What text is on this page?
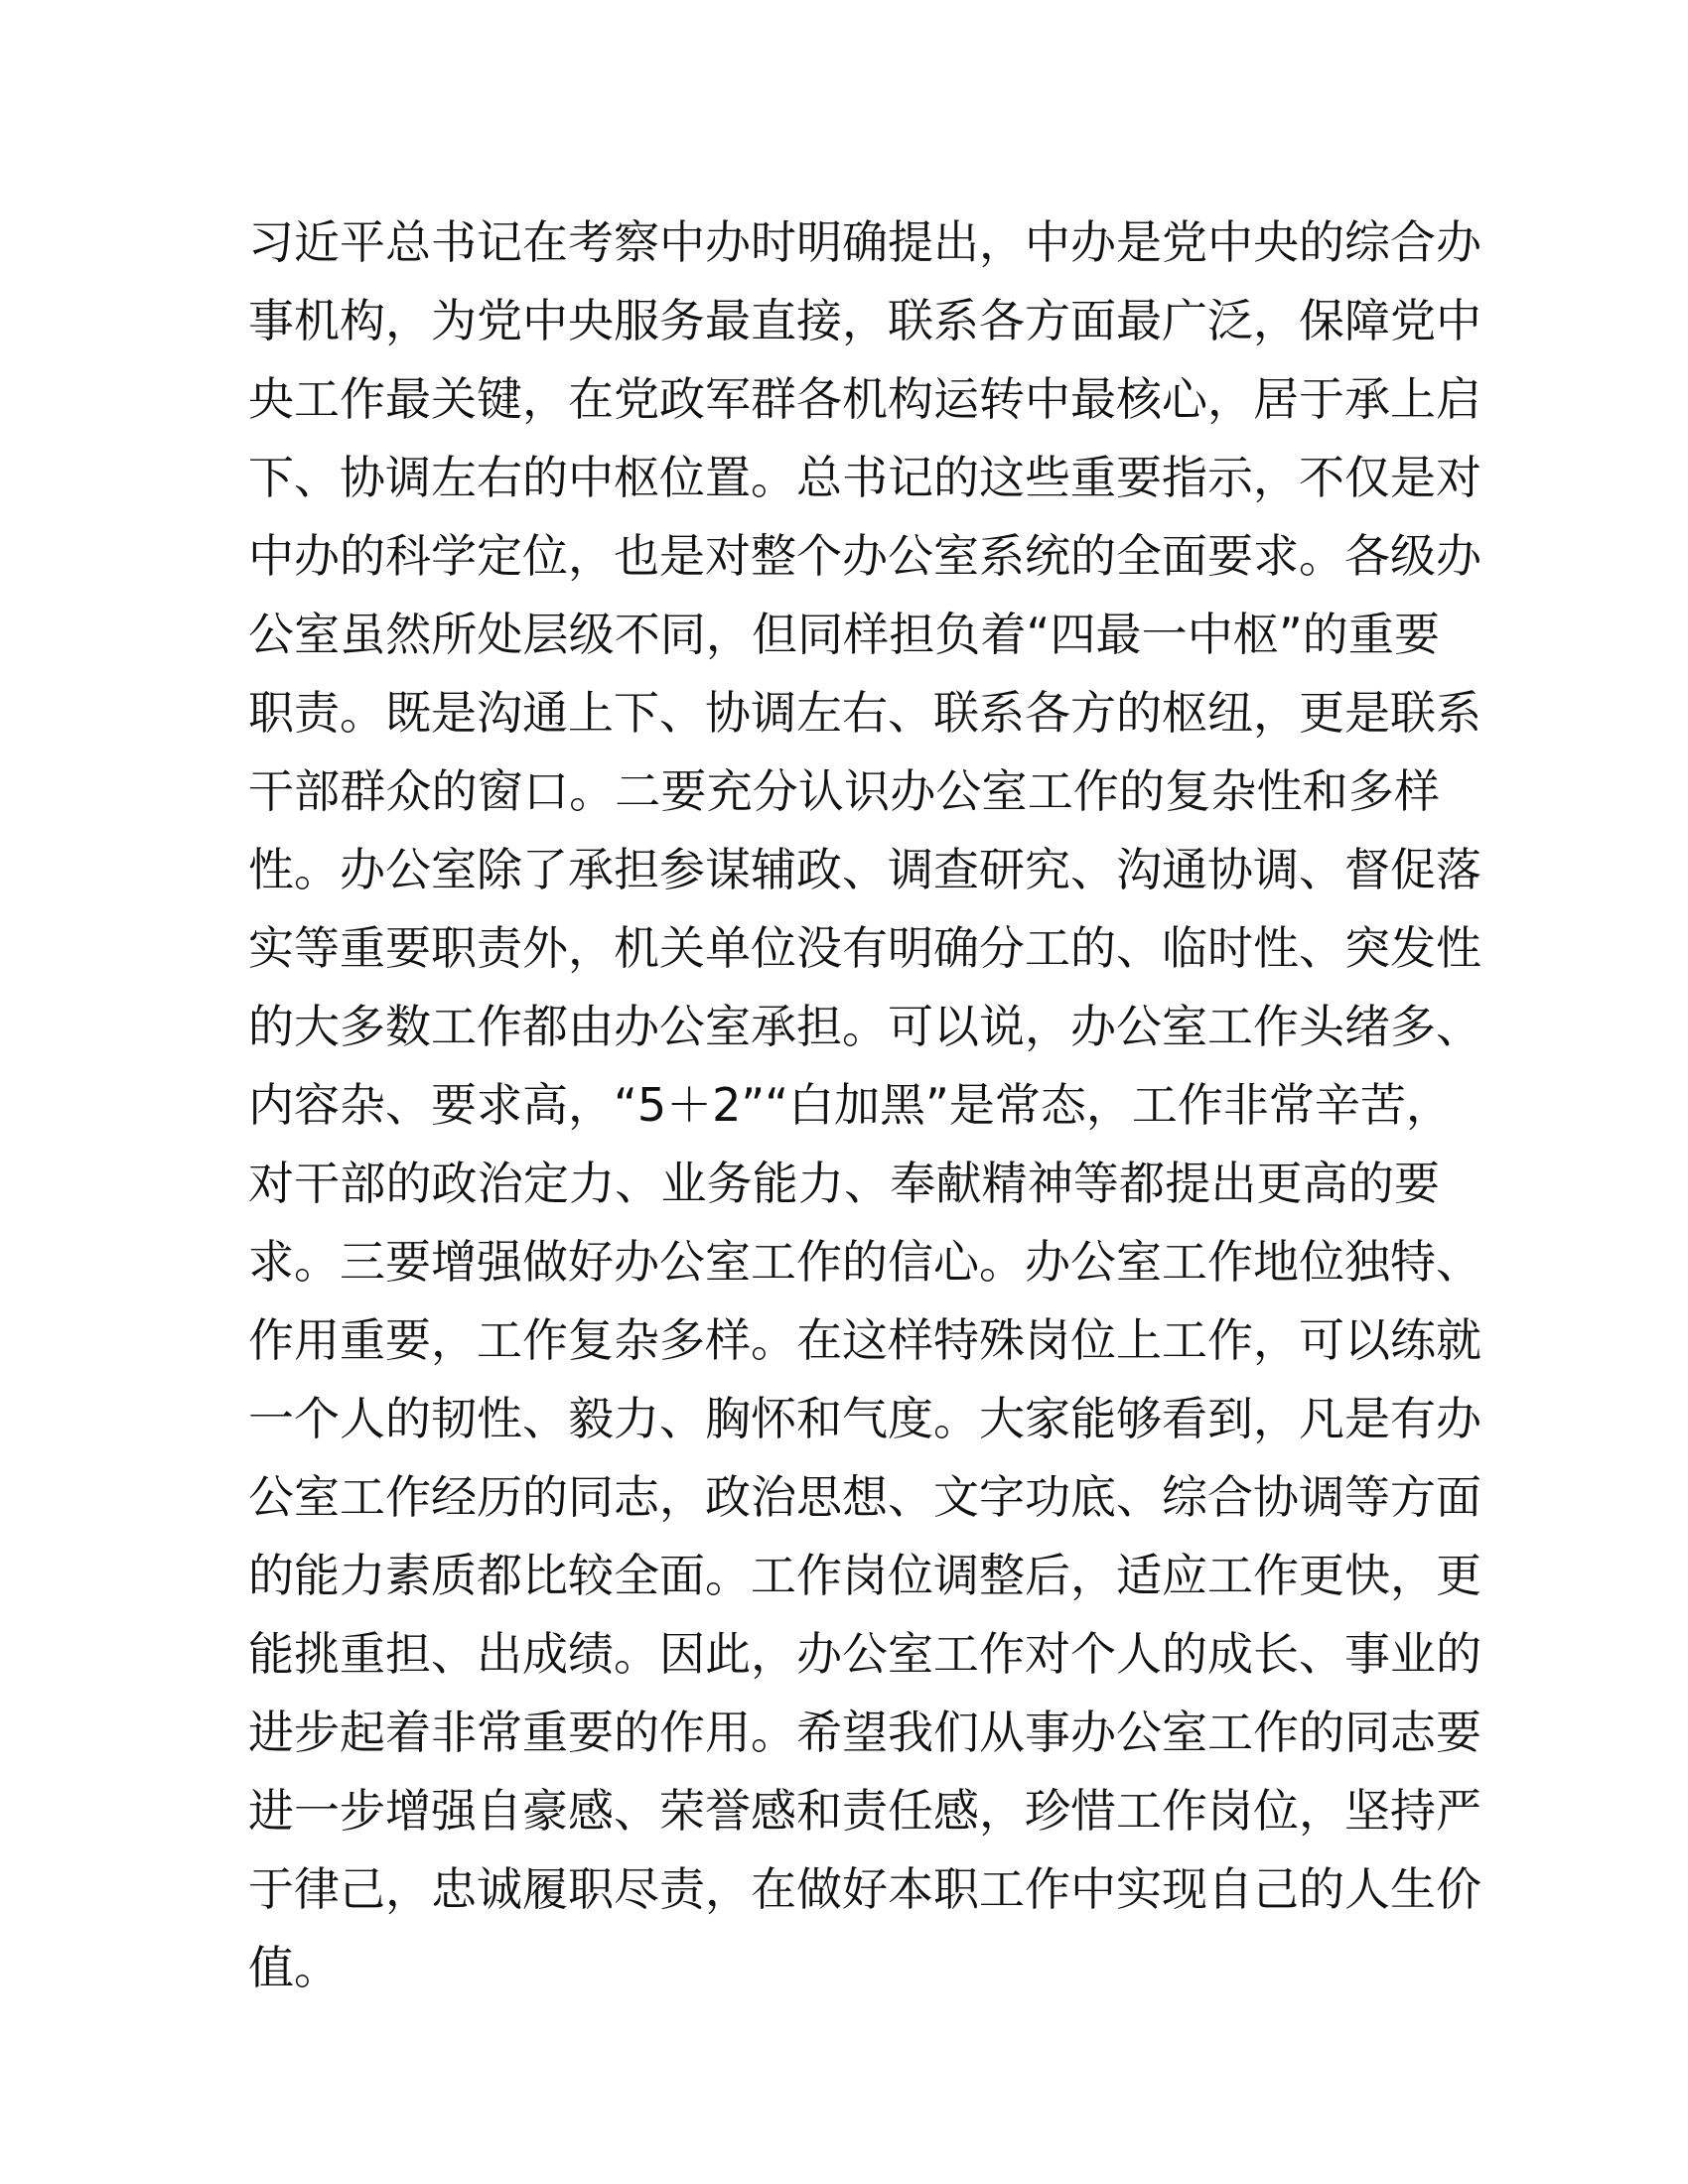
习近平总书记在考察中办时明确提出，中办是党中央的综合办
事机构，为党中央服务最直接，联系各方面最广泛，保障党中
央工作最关键，在党政军群各机构运转中最核心，居于承上启
下、协调左右的中枢位置。总书记的这些重要指示，不仅是对
中办的科学定位，也是对整个办公室系统的全面要求。各级办
公室虽然所处层级不同，但同样担负着“四最一中枢”的重要
职责。既是沟通上下、协调左右、联系各方的枢纽，更是联系
干部群众的窗口。二要充分认识办公室工作的复杂性和多样
性。办公室除了承担参谋辅政、调查研究、沟通协调、督促落
实等重要职责外，机关单位没有明确分工的、临时性、突发性
的大多数工作都由办公室承担。可以说，办公室工作头绪多、
内容杂、要求高，“5＋2”“白加黑”是常态，工作非常辛苦，
对干部的政治定力、业务能力、奉献精神等都提出更高的要
求。三要增强做好办公室工作的信心。办公室工作地位独特、
作用重要，工作复杂多样。在这样特殊岗位上工作，可以练就
一个人的韧性、毅力、胸怀和气度。大家能够看到，凡是有办
公室工作经历的同志，政治思想、文字功底、综合协调等方面
的能力素质都比较全面。工作岗位调整后，适应工作更快，更
能挑重担、出成绩。因此，办公室工作对个人的成长、事业的
进步起着非常重要的作用。希望我们从事办公室工作的同志要
进一步增强自豪感、荣誉感和责任感，珍惜工作岗位，坚持严
于律己，忠诚履职尽责，在做好本职工作中实现自己的人生价
值。
